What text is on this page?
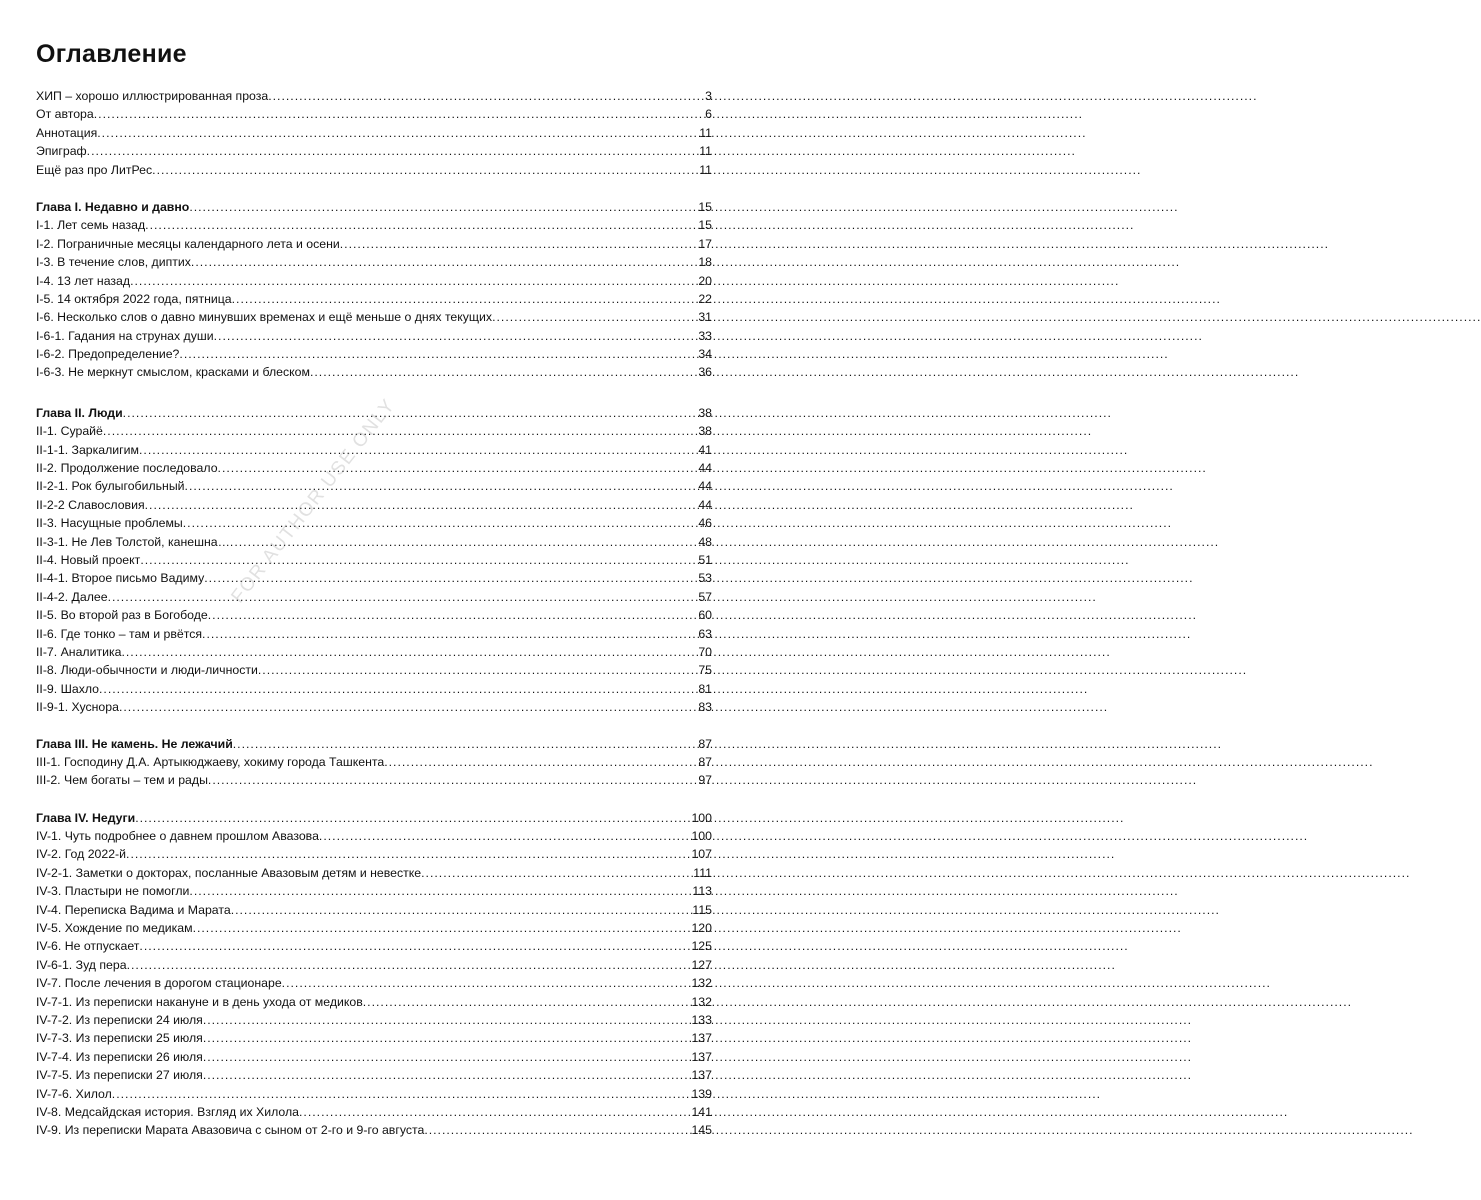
Оглавление
ХИП – хорошо иллюстрированная проза .....	3
От автора .....	6
Аннотация .....	11
Эпиграф .....	11
Ещё раз про ЛитРес .....	11
Глава I. Недавно и давно .....	15
I-1. Лет семь назад .....	15
I-2. Пограничные месяцы календарного лета и осени .....	17
I-3. В течение слов, диптих .....	18
I-4. 13 лет назад .....	20
I-5. 14 октября 2022 года, пятница .....	22
I-6. Несколько слов о давно минувших временах и ещё меньше о днях текущих .....	31
I-6-1. Гадания на струнах души .....	33
I-6-2. Предопределение? .....	34
I-6-3. Не меркнут смыслом, красками и блеском .....	36
Глава II. Люди .....	38
II-1. Сурайё .....	38
II-1-1. Заркалигим .....	41
II-2. Продолжение последовало .....	44
II-2-1. Рок булыгобильный .....	44
II-2-2 Славословия .....	44
II-3. Насущные проблемы .....	46
II-3-1. Не Лев Толстой, канешна… .....	48
II-4. Новый проект .....	51
II-4-1. Второе письмо Вадиму .....	53
II-4-2. Далее .....	57
II-5. Во второй раз в Богободе .....	60
II-6. Где тонко – там и рвётся .....	63
II-7. Аналитика .....	70
II-8. Люди-обычности и люди-личности .....	75
II-9. Шахло .....	81
II-9-1. Хуснора .....	83
Глава III. Не камень. Не лежачий .....	87
III-1. Господину Д.А. Артыкюджаеву, хокиму города Ташкента .....	87
III-2. Чем богаты – тем и рады .....	97
Глава IV. Недуги .....	100
IV-1. Чуть подробнее о давнем прошлом Авазова .....	100
IV-2. Год 2022-й .....	107
IV-2-1. Заметки о докторах, посланные Авазовым детям и невестке .....	111
IV-3. Пластыри не помогли .....	113
IV-4. Переписка Вадима и Марата .....	115
IV-5. Хождение по медикам .....	120
IV-6. Не отпускает .....	125
IV-6-1. Зуд пера .....	127
IV-7. После лечения в дорогом стационаре .....	132
IV-7-1. Из переписки накануне и в день ухода от медиков .....	132
IV-7-2. Из переписки 24 июля .....	133
IV-7-3. Из переписки 25 июля .....	137
IV-7-4. Из переписки 26 июля .....	137
IV-7-5. Из переписки 27 июля .....	137
IV-7-6. Хилол .....	139
IV-8. Медсайдская история. Взгляд их Хилола .....	141
IV-9. Из переписки Марата Авазовича с сыном от 2-го и 9-го августа .....	145
FOR AUTHOR USE ONLY
